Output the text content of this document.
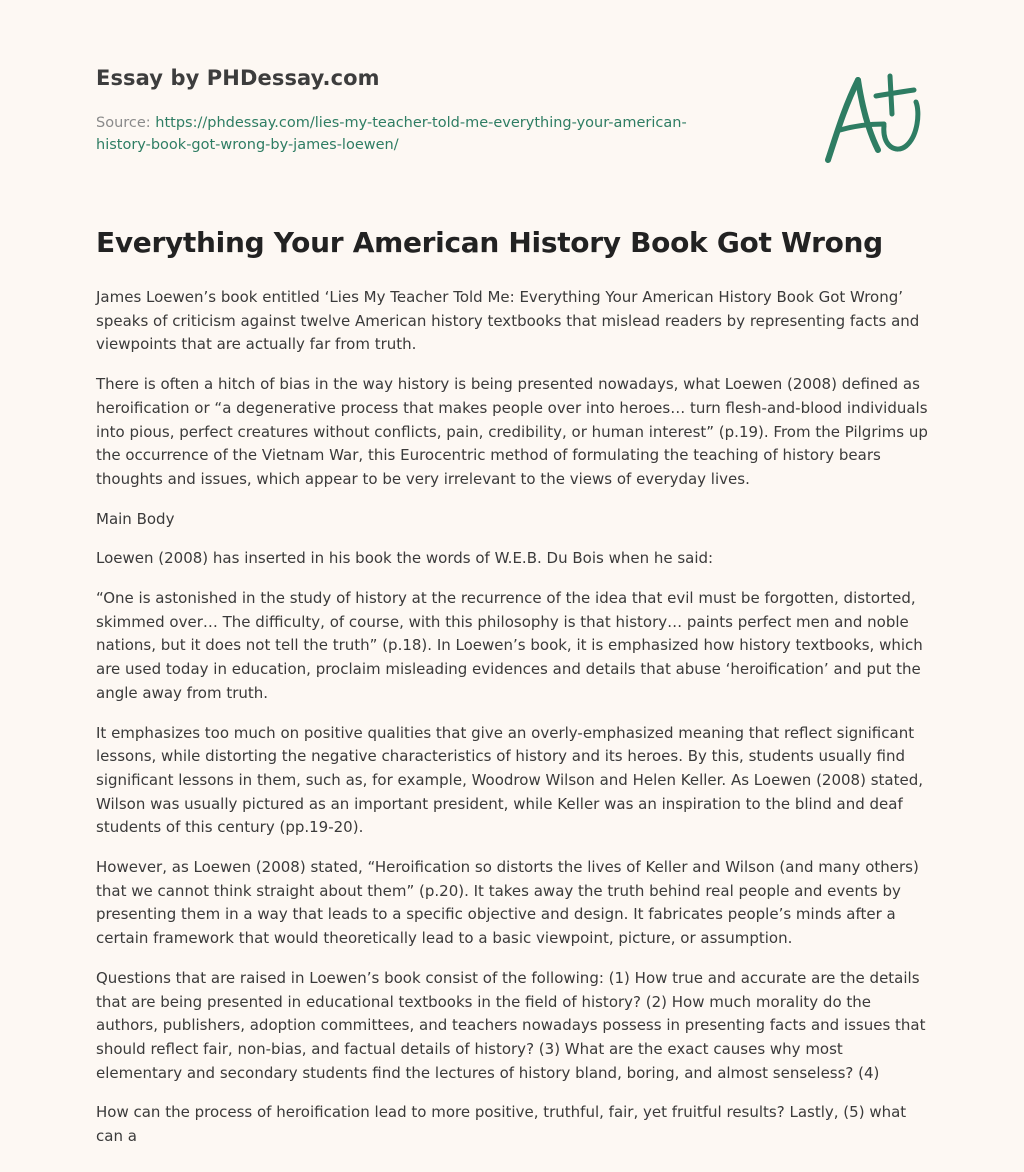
Essay by PHDessay.com
Source: https://phdessay.com/lies-my-teacher-told-me-everything-your-american-
history-book-got-wrong-by-james-loewen/
Everything Your American History Book Got Wrong

James Loewen’s book entitled ‘Lies My Teacher Told Me: Everything Your American History Book Got Wrong’ speaks of criticism against twelve American history textbooks that mislead readers by representing facts and viewpoints that are actually far from truth.

There is often a hitch of bias in the way history is being presented nowadays, what Loewen (2008) defined as heroification or “a degenerative process that makes people over into heroes… turn flesh-and-blood individuals into pious, perfect creatures without conflicts, pain, credibility, or human interest” (p.19). From the Pilgrims up the occurrence of the Vietnam War, this Eurocentric method of formulating the teaching of history bears thoughts and issues, which appear to be very irrelevant to the views of everyday lives.

Main Body

Loewen (2008) has inserted in his book the words of W.E.B. Du Bois when he said:

“One is astonished in the study of history at the recurrence of the idea that evil must be forgotten, distorted, skimmed over… The difficulty, of course, with this philosophy is that history… paints perfect men and noble nations, but it does not tell the truth” (p.18). In Loewen’s book, it is emphasized how history textbooks, which are used today in education, proclaim misleading evidences and details that abuse ‘heroification’ and put the angle away from truth.

It emphasizes too much on positive qualities that give an overly-emphasized meaning that reflect significant lessons, while distorting the negative characteristics of history and its heroes. By this, students usually find significant lessons in them, such as, for example, Woodrow Wilson and Helen Keller. As Loewen (2008) stated, Wilson was usually pictured as an important president, while Keller was an inspiration to the blind and deaf students of this century (pp.19-20).

However, as Loewen (2008) stated, “Heroification so distorts the lives of Keller and Wilson (and many others) that we cannot think straight about them” (p.20). It takes away the truth behind real people and events by presenting them in a way that leads to a specific objective and design. It fabricates people’s minds after a certain framework that would theoretically lead to a basic viewpoint, picture, or assumption.

Questions that are raised in Loewen’s book consist of the following: (1) How true and accurate are the details that are being presented in educational textbooks in the field of history? (2) How much morality do the authors, publishers, adoption committees, and teachers nowadays possess in presenting facts and issues that should reflect fair, non-bias, and factual details of history? (3) What are the exact causes why most elementary and secondary students find the lectures of history bland, boring, and almost senseless? (4)

How can the process of heroification lead to more positive, truthful, fair, yet fruitful results? Lastly, (5) what can a
